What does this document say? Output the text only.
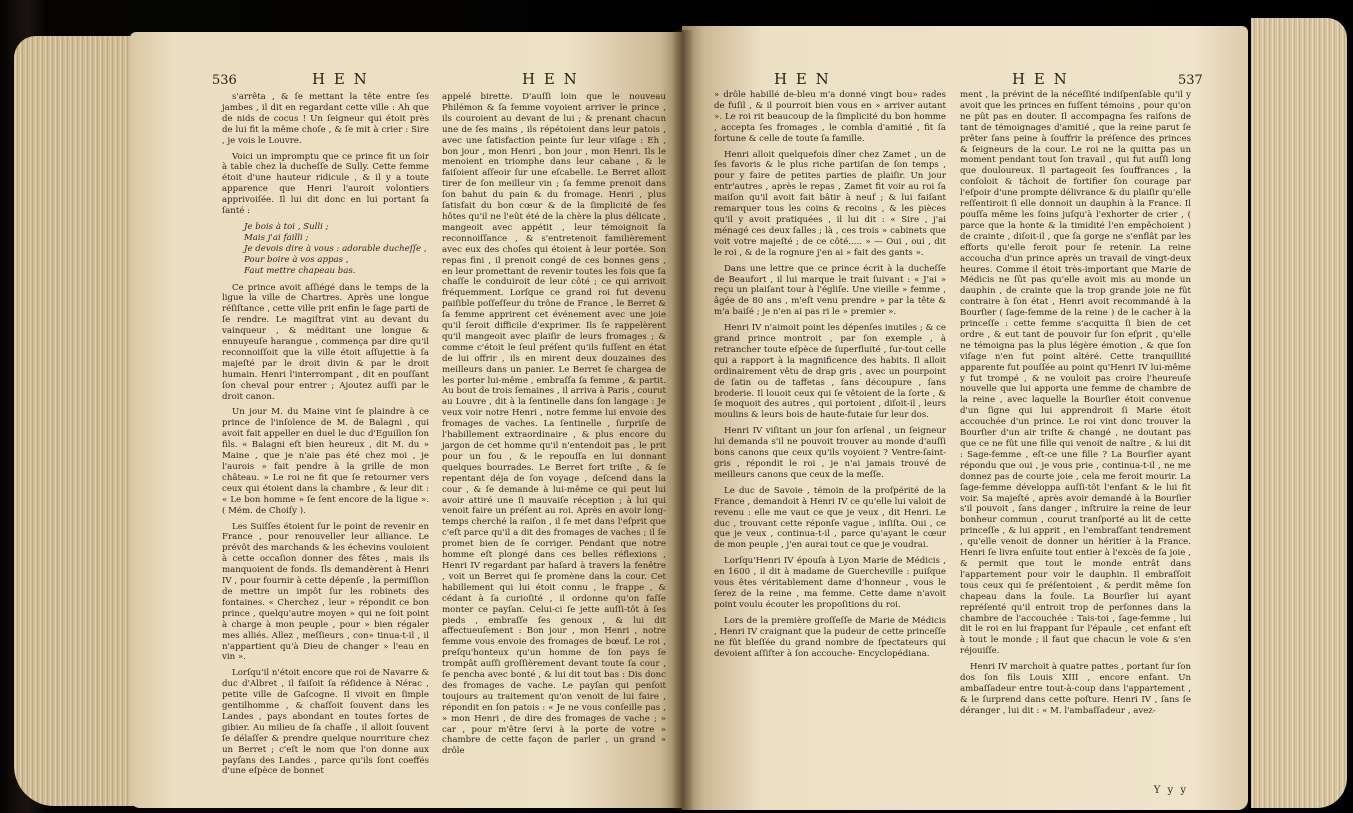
536	H E N	H E N

s'arrêta , & ſe mettant la tête entre ſes jambes , il dit en regardant cette ville : Ah que de nids de cocus ! Un ſeigneur qui étoit près de lui fit la même choſe , & ſe mit à crier : Sire , je vois le Louvre.

Voici un impromptu que ce prince fit un ſoir à table chez la ducheſſe de Sully. Cette femme étoit d'une hauteur ridicule , & il y a toute apparence que Henri l'auroit volontiers apprivoiſée. Il lui dit donc en lui portant ſa ſanté :

Je bois à toi , Sulli ;
Mais j'ai failli ;
Je devois dire à vous : adorable ducheſſe ,
Pour boire à vos appas ,
Faut mettre chapeau bas.

Ce prince avoit aſſiégé dans le temps de la ligue la ville de Chartres. Après une longue réſiſtance , cette ville prit enfin le ſage parti de ſe rendre. Le magiſtrat vint au devant du vainqueur , & méditant une longue & ennuyeuſe harangue , commença par dire qu'il reconnoiſſoit que la ville étoit aſſujettie à ſa majeſté par le droit divin & par le droit humain. Henri l'interrompant , dit en pouſſant ſon cheval pour entrer ; Ajoutez auſſi par le droit canon.

Un jour M. du Maine vint ſe plaindre à ce prince de l'inſolence de M. de Balagni , qui avoit fait appeller en duel le duc d'Eguillon ſon fils. « Balagni eſt bien heureux , dit M. du » Maine , que je n'aie pas été chez moi , je l'aurois » fait pendre à la grille de mon château. » Le roi ne fit que ſe retourner vers ceux qui étoient dans la chambre , & leur dit : « Le bon homme » ſe ſent encore de la ligue ». ( Mém. de Choiſy ).

Les Suiſſes étoient ſur le point de revenir en France , pour renouveller leur alliance. Le prévôt des marchands & les échevins vouloient à cette occaſion donner des fêtes , mais ils manquoient de fonds. Ils demandèrent à Henri IV , pour fournir à cette dépenſe , la permiſſion de mettre un impôt ſur les robinets des fontaines. « Cherchez , leur » répondit ce bon prince , quelqu'autre moyen » qui ne ſoit point à charge à mon peuple , pour » bien régaler mes alliés. Allez , meſſieurs , con» tinua-t-il , il n'appartient qu'à Dieu de changer » l'eau en vin ».

Lorſqu'il n'étoit encore que roi de Navarre & duc d'Albret , il faiſoit ſa réſidence à Nérac , petite ville de Gaſcogne. Il vivoit en ſimple gentilhomme , & chaſſoit ſouvent dans les Landes , pays abondant en toutes ſortes de gibier. Au milieu de ſa chaſſe , il alloit ſouvent ſe délaſſer & prendre quelque nourriture chez un Berret ; c'eſt le nom que l'on donne aux payſans des Landes , parce qu'ils ſont coeffés d'une eſpèce de bonnet

appelé birette. D'auſſi loin que le nouveau Philémon & ſa femme voyoient arriver le prince , ils couroient au devant de lui ; & prenant chacun une de ſes mains , ils répétoient dans leur patois , avec une ſatisfaction peinte ſur leur viſage : Eh , bon jour , mon Henri , bon jour , mon Henri. Ils le menoient en triomphe dans leur cabane , & le faiſoient aſſeoir ſur une eſcabelle. Le Berret alloit tirer de ſon meilleur vin ; ſa femme prenoit dans ſon bahut du pain & du fromage. Henri , plus ſatisfait du bon cœur & de la ſimplicité de ſes hôtes qu'il ne l'eût été de la chère la plus délicate , mangeoit avec appétit , leur témoignoit ſa reconnoiſſance , & s'entretenoit familièrement avec eux des choſes qui étoient à leur portée. Son repas fini , il prenoit congé de ces bonnes gens , en leur promettant de revenir toutes les fois que ſa chaſſe le conduiroit de leur côté ; ce qui arrivoit fréquemment. Lorſque ce grand roi fut devenu paiſible poſſeſſeur du trône de France , le Berret & ſa femme apprirent cet événement avec une joie qu'il ſeroit difficile d'exprimer. Ils ſe rappelèrent qu'il mangeoit avec plaiſir de leurs fromages ; & comme c'étoit le ſeul préſent qu'ils fuſſent en état de lui offrir , ils en mirent deux douzaines des meilleurs dans un panier. Le Berret ſe chargea de les porter lui-même , embraſſa ſa femme , & partit. Au bout de trois ſemaines , il arriva à Paris , courut au Louvre , dit à la ſentinelle dans ſon langage : Je veux voir notre Henri , notre femme lui envoie des fromages de vaches. La ſentinelle , ſurpriſe de l'habillement extraordinaire , & plus encore du jargon de cet homme qu'il n'entendoit pas , le prit pour un fou , & le repouſſa en lui donnant quelques bourrades. Le Berret fort triſte , & ſe repentant déja de ſon voyage , deſcend dans la cour , & ſe demande à lui-même ce qui peut lui avoir attiré une ſi mauvaiſe réception ; à lui qui venoit faire un préſent au roi. Après en avoir long-temps cherché la raiſon , il ſe met dans l'eſprit que c'eſt parce qu'il a dit des fromages de vaches ; il ſe promet bien de ſe corriger. Pendant que notre homme eſt plongé dans ces belles réflexions , Henri IV regardant par haſard à travers la fenêtre , voit un Berret qui ſe promène dans la cour. Cet habillement qui lui étoit connu , le frappe , & cédant à ſa curioſité , il ordonne qu'on faſſe monter ce payſan. Celui-ci ſe jette auſſi-tôt à ſes pieds , embraſſe ſes genoux , & lui dit affectueuſement : Bon jour , mon Henri , notre femme vous envoie des fromages de bœuf. Le roi , preſqu'honteux qu'un homme de ſon pays ſe trompât auſſi groſſièrement devant toute ſa cour , ſe pencha avec bonté , & lui dit tout bas : Dis donc des fromages de vache. Le payſan qui penſoit toujours au traitement qu'on venoit de lui faire , répondit en ſon patois : « Je ne vous conſeille pas , » mon Henri , de dire des fromages de vache ; » car , pour m'être ſervi à la porte de votre » chambre de cette façon de parler , un grand » drôle

H E N	H E N	537

» drôle habillé de-bleu m'a donné vingt bou» rades de fuſil , & il pourroit bien vous en » arriver autant ». Le roi rit beaucoup de la ſimplicité du bon homme , accepta ſes fromages , le combla d'amitié , fit ſa fortune & celle de toute ſa famille.

Henri alloit quelquefois dîner chez Zamet , un de ſes favoris & le plus riche partiſan de ſon temps , pour y faire de petites parties de plaiſir. Un jour entr'autres , après le repas , Zamet fit voir au roi ſa maiſon qu'il avoit fait bâtir à neuf ; & lui faiſant remarquer tous les coins & recoins , & les pièces qu'il y avoit pratiquées , il lui dit : « Sire , j'ai ménagé ces deux ſalles ; là , ces trois » cabinets que voit votre majeſté ; de ce côté..... » — Oui , oui , dit le roi , & de la rognure j'en ai » fait des gants ».

Dans une lettre que ce prince écrit à la ducheſſe de Beaufort , il lui marque le trait ſuivant : « J'ai » reçu un plaiſant tour à l'égliſe. Une vieille » femme , âgée de 80 ans , m'eſt venu prendre » par la tête & m'a baiſé ; je n'en ai pas ri le » premier ».

Henri IV n'aimoit point les dépenſes inutiles ; & ce grand prince montroit , par ſon exemple , à retrancher toute eſpèce de ſuperfluité , ſur-tout celle qui a rapport à la magnificence des habits. Il alloit ordinairement vêtu de drap gris , avec un pourpoint de ſatin ou de taffetas , ſans découpure , ſans broderie. Il louoit ceux qui ſe vêtoient de la ſorte , & ſe moquoit des autres , qui portoient , diſoit-il , leurs moulins & leurs bois de haute-futaie ſur leur dos.

Henri IV viſitant un jour ſon arſenal , un ſeigneur lui demanda s'il ne pouvoit trouver au monde d'auſſi bons canons que ceux qu'ils voyoient ? Ventre-ſaint-gris , répondit le roi , je n'ai jamais trouvé de meilleurs canons que ceux de la meſſe.

Le duc de Savoie , témoin de la proſpérité de la France , demandoit à Henri IV ce qu'elle lui valoit de revenu : elle me vaut ce que je veux , dit Henri. Le duc , trouvant cette réponſe vague , inſiſta. Oui , ce que je veux , continua-t-il , parce qu'ayant le cœur de mon peuple , j'en aurai tout ce que je voudrai.

Lorſqu'Henri IV épouſa à Lyon Marie de Médicis , en 1600 , il dit à madame de Guercheville : puiſque vous êtes véritablement dame d'honneur , vous le ſerez de la reine , ma femme. Cette dame n'avoit point voulu écouter les propoſitions du roi.

Lors de la première groſſeſſe de Marie de Médicis , Henri IV craignant que la pudeur de cette princeſſe ne fût bleſſée du grand nombre de ſpectateurs qui devoient aſſiſter à ſon accouche- Encyclopédiana.

ment , la prévint de la néceſſité indiſpenſable qu'il y avoit que les princes en fuſſent témoins , pour qu'on ne pût pas en douter. Il accompagna ſes raiſons de tant de témoignages d'amitié , que la reine parut ſe prêter ſans peine à ſouffrir la préſence des princes & ſeigneurs de la cour. Le roi ne la quitta pas un moment pendant tout ſon travail , qui fut auſſi long que douloureux. Il partageoit ſes ſouffrances , la conſoloit & tâchoit de fortifier ſon courage par l'eſpoir d'une prompte délivrance & du plaiſir qu'elle reſſentiroit ſi elle donnoit un dauphin à la France. Il pouſſa même les ſoins juſqu'à l'exhorter de crier , ( parce que la honte & la timidité l'en empêchoient ) de crainte , diſoit-il , que ſa gorge ne s'enflât par les efforts qu'elle feroit pour ſe retenir. La reine accoucha d'un prince après un travail de vingt-deux heures. Comme il étoit très-important que Marie de Médicis ne ſût pas qu'elle avoit mis au monde un dauphin , de crainte que la trop grande joie ne fût contraire à ſon état , Henri avoit recommandé à la Bourſier ( ſage-femme de la reine ) de le cacher à la princeſſe : cette femme s'acquitta ſi bien de cet ordre , & eut tant de pouvoir ſur ſon eſprit , qu'elle ne témoigna pas la plus légère émotion , & que ſon viſage n'en fut point altéré. Cette tranquillité apparente fut pouſſée au point qu'Henri IV lui-même y fut trompé , & ne vouloit pas croire l'heureuſe nouvelle que lui apporta une femme de chambre de la reine , avec laquelle la Bourſier étoit convenue d'un ſigne qui lui apprendroit ſi Marie étoit accouchée d'un prince. Le roi vint donc trouver la Bourſier d'un air triſte & changé , ne doutant pas que ce ne fût une fille qui venoit de naître , & lui dit : Sage-femme , eſt-ce une fille ? La Bourſier ayant répondu que oui , je vous prie , continua-t-il , ne me donnez pas de courte joie , cela me feroit mourir. La ſage-femme développa auſſi-tôt l'enfant & le lui fit voir. Sa majeſté , après avoir demandé à la Bourſier s'il pouvoit , ſans danger , inſtruire la reine de leur bonheur commun , courut tranſporté au lit de cette princeſſe , & lui apprit , en l'embraſſant tendrement , qu'elle venoit de donner un héritier à la France. Henri ſe livra enſuite tout entier à l'excès de ſa joie , & permit que tout le monde entrât dans l'appartement pour voir le dauphin. Il embraſſoit tous ceux qui ſe préſentoient , & perdit même ſon chapeau dans la foule. La Bourſier lui ayant repréſenté qu'il entroit trop de perſonnes dans la chambre de l'accouchée : Tais-toi , ſage-femme , lui dit le roi en lui frappant ſur l'épaule , cet enfant eſt à tout le monde ; il faut que chacun le voie & s'en réjouiſſe.

Henri IV marchoit à quatre pattes , portant ſur ſon dos ſon fils Louis XIII , encore enfant. Un ambaſſadeur entre tout-à-coup dans l'appartement , & le ſurprend dans cette poſture. Henri IV , ſans ſe déranger , lui dit : « M. l'ambaſſadeur , avez-

Y y y
